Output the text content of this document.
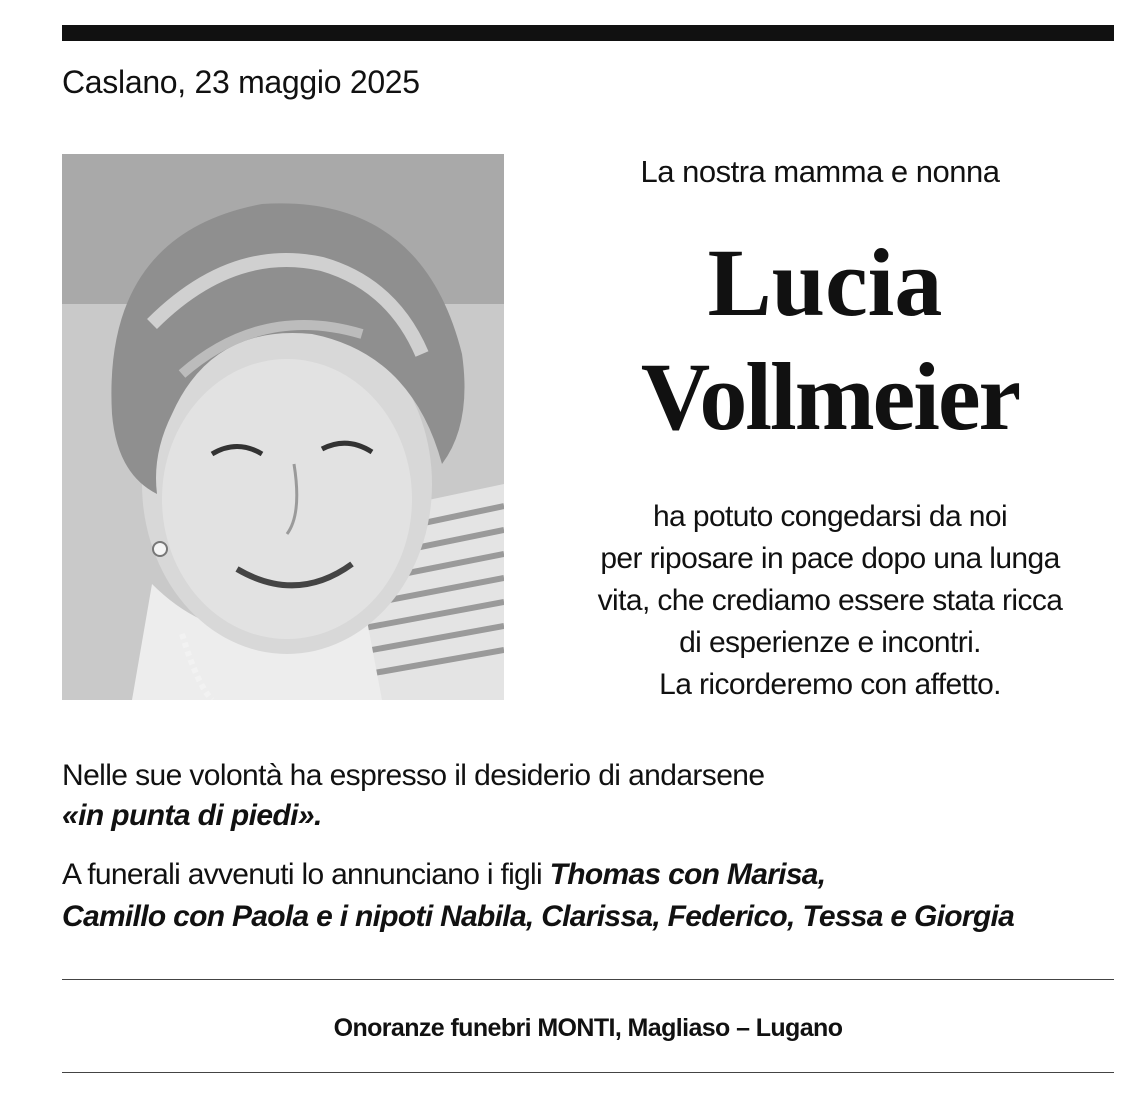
Caslano, 23 maggio 2025
La nostra mamma e nonna
Lucia
Vollmeier
ha potuto congedarsi da noi
per riposare in pace dopo una lunga
vita, che crediamo essere stata ricca
di esperienze e incontri.
La ricorderemo con affetto.
Nelle sue volontà ha espresso il desiderio di andarsene
«in punta di piedi».
A funerali avvenuti lo annunciano i figli Thomas con Marisa,
Camillo con Paola e i nipoti Nabila, Clarissa, Federico, Tessa e Giorgia
Onoranze funebri MONTI, Magliaso – Lugano
